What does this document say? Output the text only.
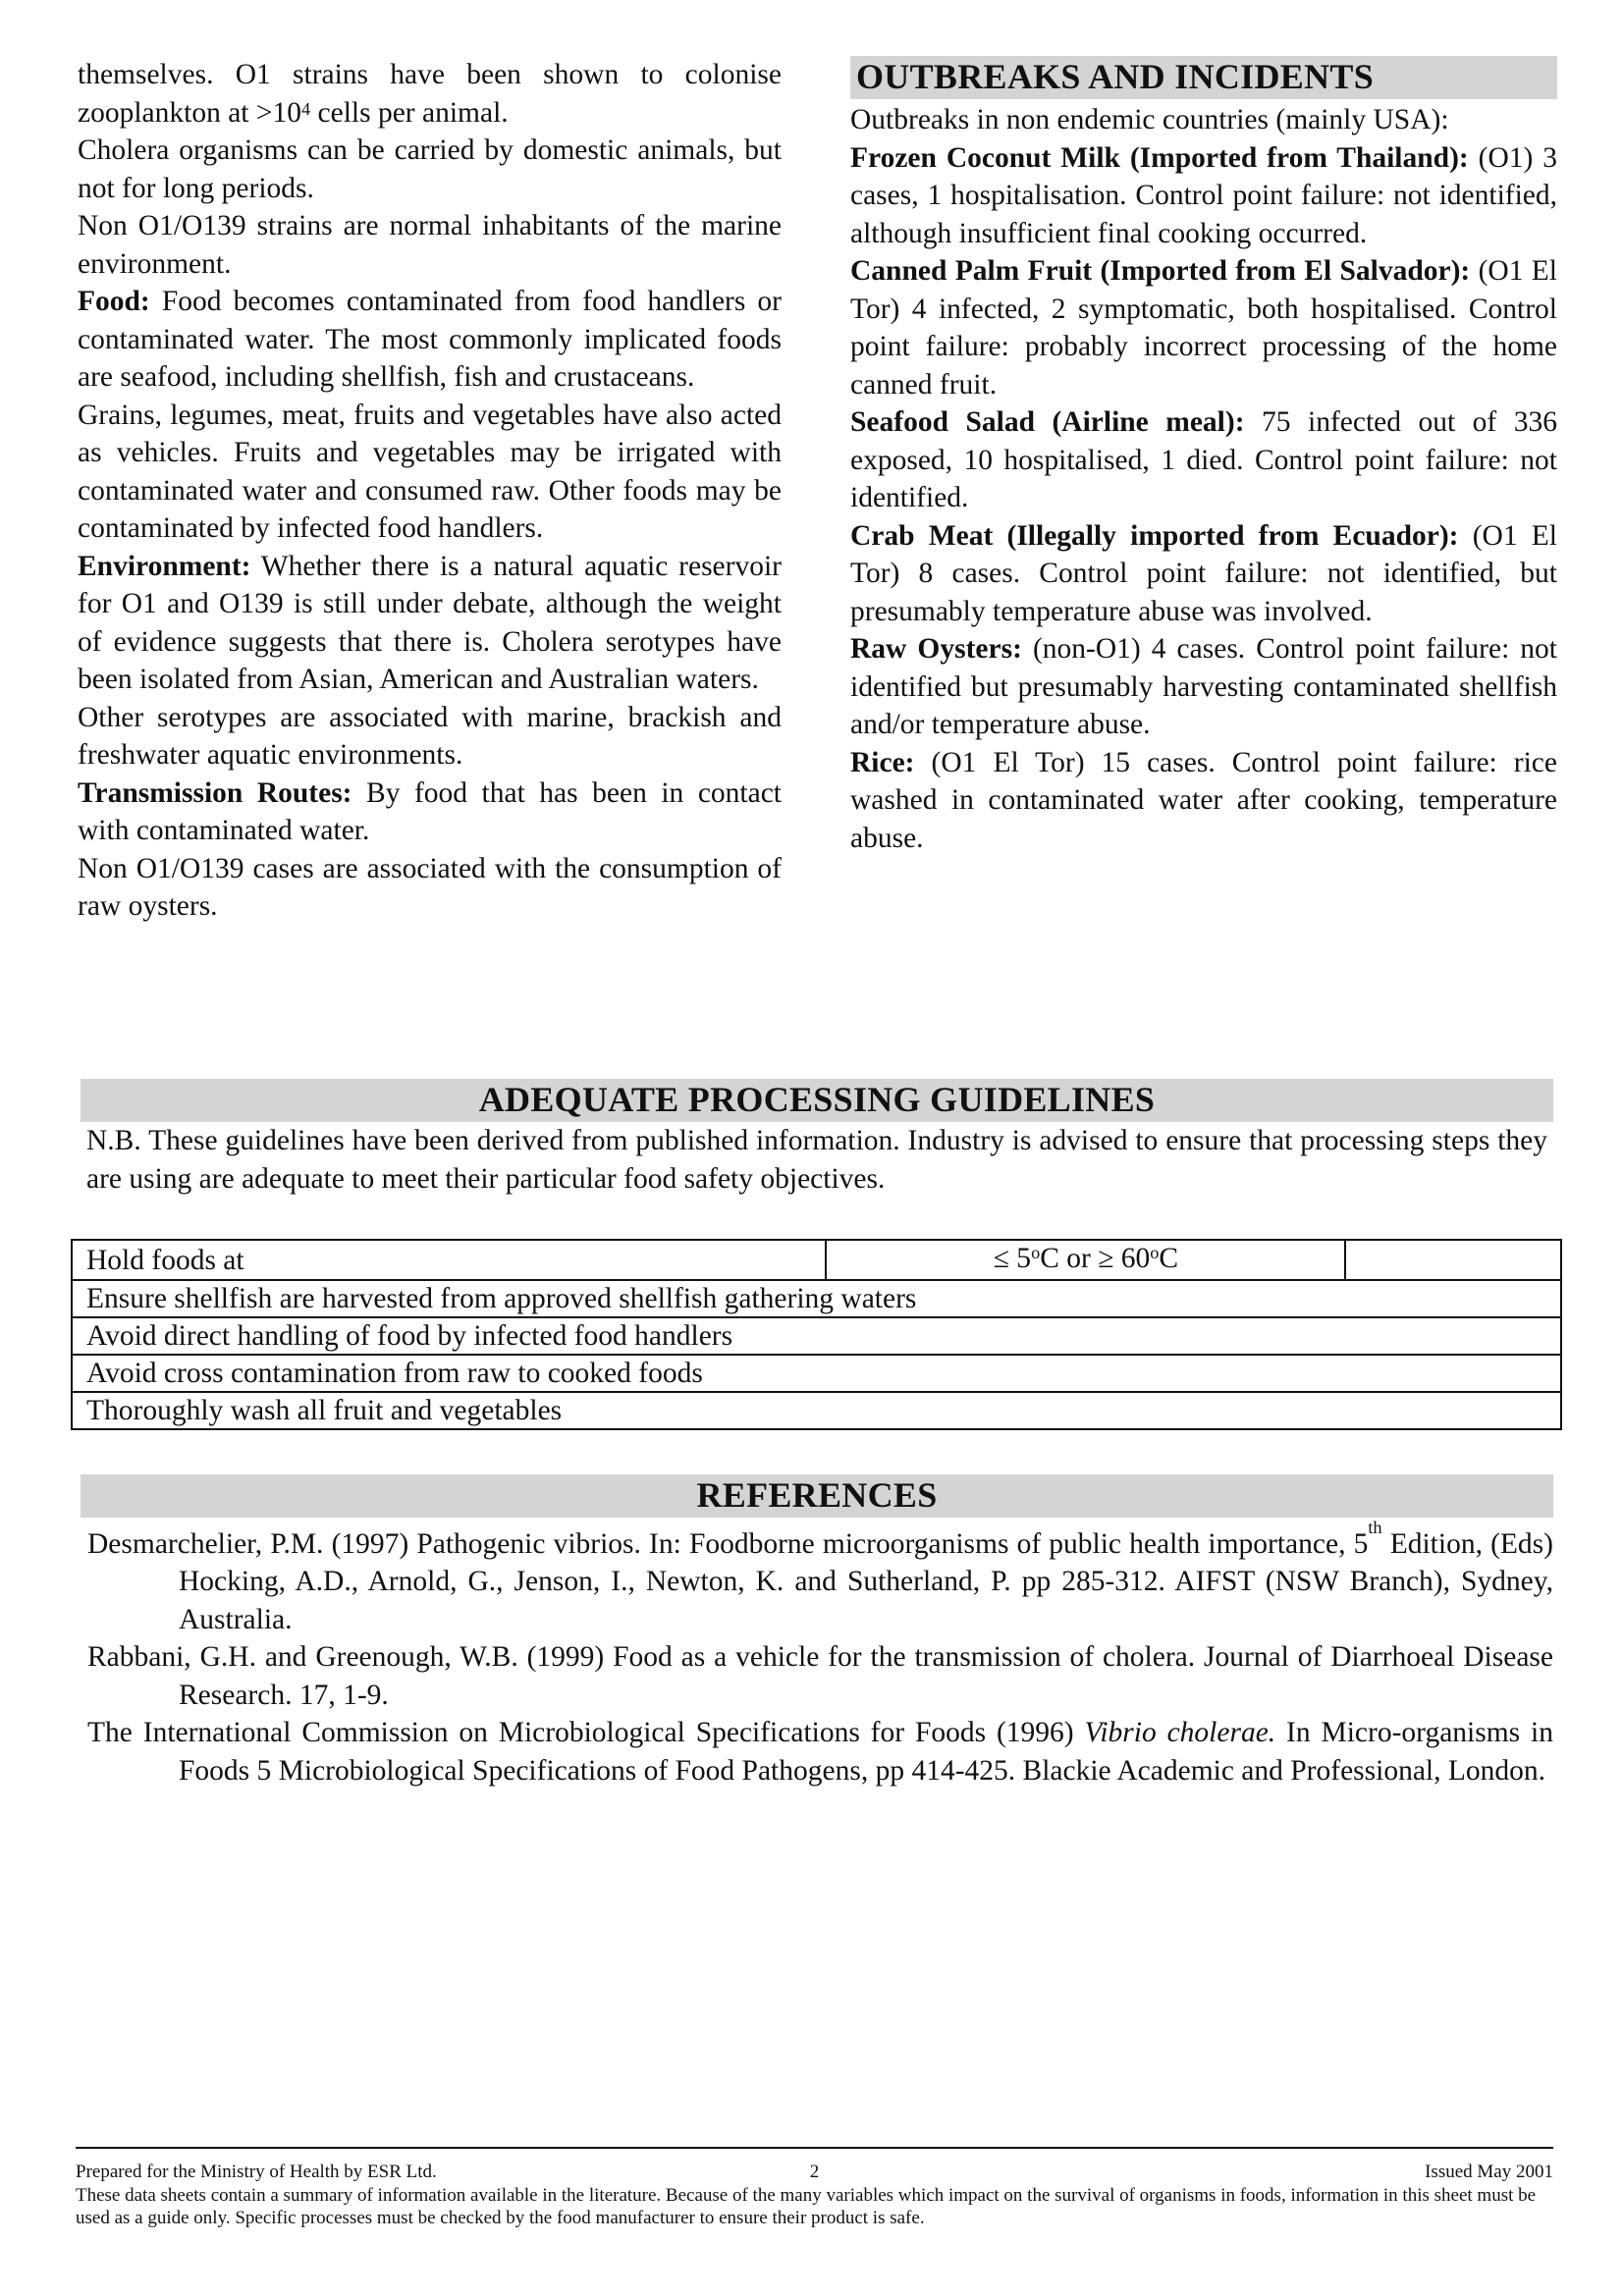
themselves. O1 strains have been shown to colonise zooplankton at $>10^4$ cells per animal.

Cholera organisms can be carried by domestic animals, but not for long periods.

Non O1/O139 strains are normal inhabitants of the marine environment.

Food: Food becomes contaminated from food handlers or contaminated water. The most commonly implicated foods are seafood, including shellfish, fish and crustaceans.

Grains, legumes, meat, fruits and vegetables have also acted as vehicles. Fruits and vegetables may be irrigated with contaminated water and consumed raw. Other foods may be contaminated by infected food handlers.

Environment: Whether there is a natural aquatic reservoir for O1 and O139 is still under debate, although the weight of evidence suggests that there is. Cholera serotypes have been isolated from Asian, American and Australian waters.

Other serotypes are associated with marine, brackish and freshwater aquatic environments.

Transmission Routes: By food that has been in contact with contaminated water.

Non O1/O139 cases are associated with the consumption of raw oysters.

OUTBREAKS AND INCIDENTS

Outbreaks in non endemic countries (mainly USA):

Frozen Coconut Milk (Imported from Thailand): (O1) 3 cases, 1 hospitalisation. Control point failure: not identified, although insufficient final cooking occurred.

Canned Palm Fruit (Imported from El Salvador): (O1 El Tor) 4 infected, 2 symptomatic, both hospitalised. Control point failure: probably incorrect processing of the home canned fruit.

Seafood Salad (Airline meal): 75 infected out of 336 exposed, 10 hospitalised, 1 died. Control point failure: not identified.

Crab Meat (Illegally imported from Ecuador): (O1 El Tor) 8 cases. Control point failure: not identified, but presumably temperature abuse was involved.

Raw Oysters: (non-O1) 4 cases. Control point failure: not identified but presumably harvesting contaminated shellfish and/or temperature abuse.

Rice: (O1 El Tor) 15 cases. Control point failure: rice washed in contaminated water after cooking, temperature abuse.

ADEQUATE PROCESSING GUIDELINES
N.B. These guidelines have been derived from published information. Industry is advised to ensure that processing steps they are using are adequate to meet their particular food safety objectives.
Hold foods at	≤ $5^oC$ or ≥ $60^oC$	
Ensure shellfish are harvested from approved shellfish gathering waters
Avoid direct handling of food by infected food handlers
Avoid cross contamination from raw to cooked foods
Thoroughly wash all fruit and vegetables
REFERENCES

Desmarchelier, P.M. (1997) Pathogenic vibrios. In: Foodborne microorganisms of public health importance, 5th Edition, (Eds) Hocking, A.D., Arnold, G., Jenson, I., Newton, K. and Sutherland, P. pp 285-312. AIFST (NSW Branch), Sydney, Australia.

Rabbani, G.H. and Greenough, W.B. (1999) Food as a vehicle for the transmission of cholera. Journal of Diarrhoeal Disease Research. 17, 1-9.

The International Commission on Microbiological Specifications for Foods (1996) Vibrio cholerae. In Micro-organisms in Foods 5 Microbiological Specifications of Food Pathogens, pp 414-425. Blackie Academic and Professional, London.

Prepared for the Ministry of Health by ESR Ltd.	2	Issued May 2001
These data sheets contain a summary of information available in the literature. Because of the many variables which impact on the survival of organisms in foods, information in this sheet must be used as a guide only. Specific processes must be checked by the food manufacturer to ensure their product is safe.
